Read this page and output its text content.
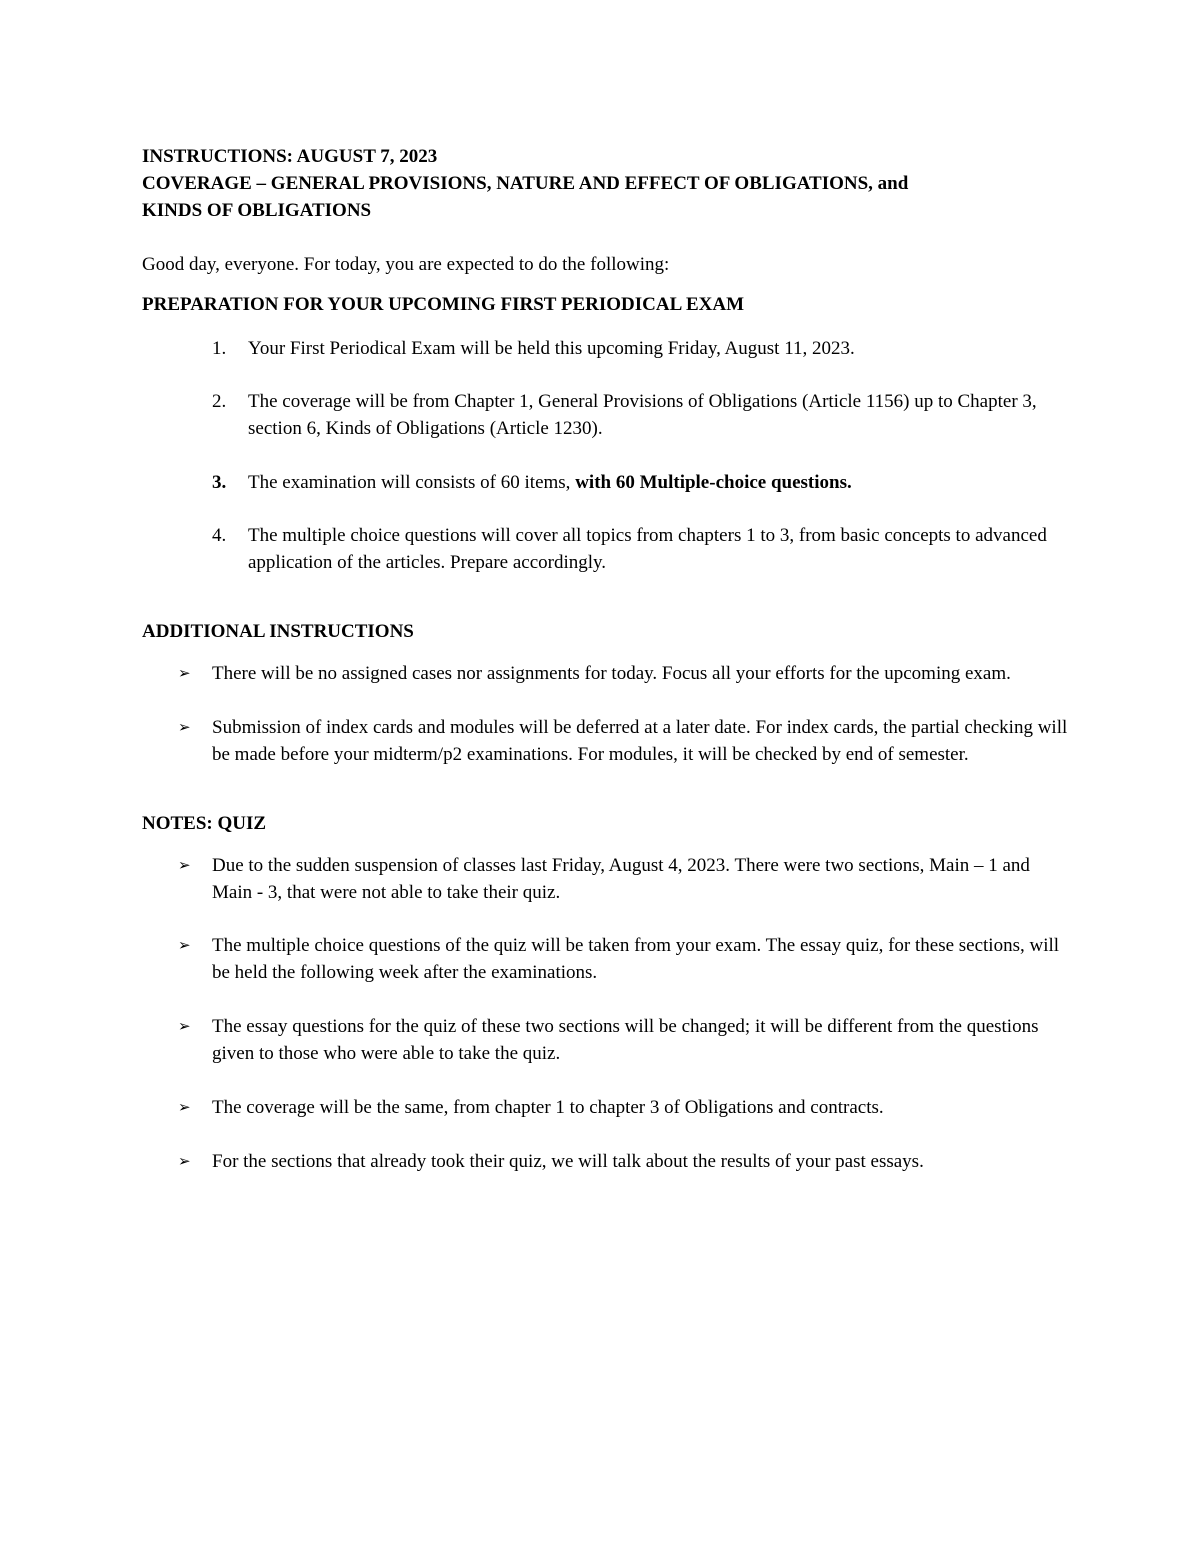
INSTRUCTIONS: AUGUST 7, 2023
COVERAGE – GENERAL PROVISIONS, NATURE AND EFFECT OF OBLIGATIONS, and
KINDS OF OBLIGATIONS
Good day, everyone. For today, you are expected to do the following:
PREPARATION FOR YOUR UPCOMING FIRST PERIODICAL EXAM
1.	Your First Periodical Exam will be held this upcoming Friday, August 11, 2023.
2.	The coverage will be from Chapter 1, General Provisions of Obligations (Article 1156) up to Chapter 3, section 6, Kinds of Obligations (Article 1230).
3.	The examination will consists of 60 items, with 60 Multiple-choice questions.
4.	The multiple choice questions will cover all topics from chapters 1 to 3, from basic concepts to advanced application of the articles. Prepare accordingly.
ADDITIONAL INSTRUCTIONS
➢	There will be no assigned cases nor assignments for today. Focus all your efforts for the upcoming exam.
➢	Submission of index cards and modules will be deferred at a later date. For index cards, the partial checking will be made before your midterm/p2 examinations. For modules, it will be checked by end of semester.
NOTES: QUIZ
➢	Due to the sudden suspension of classes last Friday, August 4, 2023. There were two sections, Main – 1 and Main - 3, that were not able to take their quiz.
➢	The multiple choice questions of the quiz will be taken from your exam. The essay quiz, for these sections, will be held the following week after the examinations.
➢	The essay questions for the quiz of these two sections will be changed; it will be different from the questions given to those who were able to take the quiz.
➢	The coverage will be the same, from chapter 1 to chapter 3 of Obligations and contracts.
➢	For the sections that already took their quiz, we will talk about the results of your past essays.
